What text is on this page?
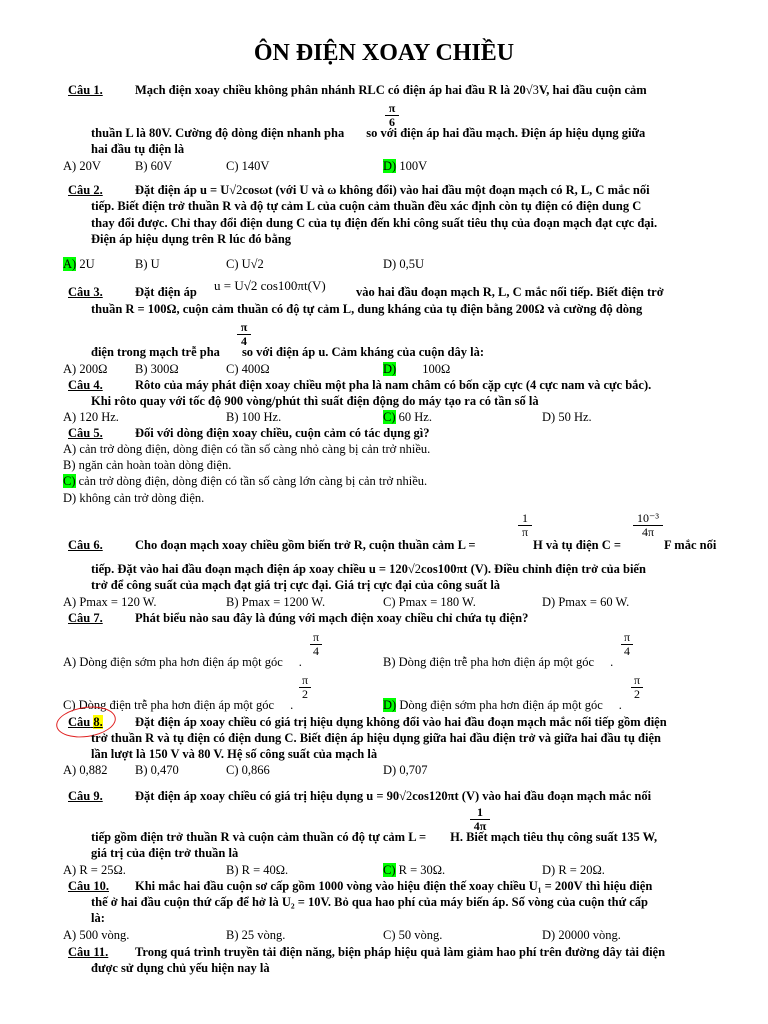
ÔN ĐIỆN XOAY CHIỀU
Câu 1.	Mạch điện xoay chiều không phân nhánh RLC có điện áp hai đầu R là 20√3V, hai đầu cuộn cảm
$\frac{\pi}{6}$
thuần L là 80V. Cường độ dòng điện nhanh pha so với điện áp hai đầu mạch. Điện áp hiệu dụng giữa
hai đầu tụ điện là
A) 20V	B) 60V	C) 140V	D) 100V
Câu 2.	Đặt điện áp u = U√2cosωt (với U và ω không đổi) vào hai đầu một đoạn mạch có R, L, C mắc nối
tiếp. Biết điện trở thuần R và độ tự cảm L của cuộn cảm thuần đều xác định còn tụ điện có điện dung C
thay đổi được. Chỉ thay đổi điện dung C của tụ điện đến khi công suất tiêu thụ của đoạn mạch đạt cực đại.
Điện áp hiệu dụng trên R lúc đó bằng
A) 2U	B) U	C) U√2	D) 0,5U
Câu 3.	Đặt điện áp u = U√2 cos100πt(V) vào hai đầu đoạn mạch R, L, C mắc nối tiếp. Biết điện trở
thuần R = 100Ω, cuộn cảm thuần có độ tự cảm L, dung kháng của tụ điện bằng 200Ω và cường độ dòng
$\frac{\pi}{4}$
điện trong mạch trễ pha so với điện áp u. Cảm kháng của cuộn dây là:
A) 200Ω B) 300Ω	C) 400Ω	D) 100Ω
Câu 4.	Rôto của máy phát điện xoay chiều một pha là nam châm có bốn cặp cực (4 cực nam và cực bắc).
Khi rôto quay với tốc độ 900 vòng/phút thì suất điện động do máy tạo ra có tần số là
A) 120 Hz.	B) 100 Hz.	C) 60 Hz.	D) 50 Hz.
Câu 5.	Đối với dòng điện xoay chiều, cuộn cảm có tác dụng gì?
A) cản trở dòng điện, dòng điện có tần số càng nhỏ càng bị cản trở nhiều.
B) ngăn cản hoàn toàn dòng điện.
C) cản trở dòng điện, dòng điện có tần số càng lớn càng bị cản trở nhiều.
D) không cản trở dòng điện.
$\frac{1}{\pi}$	$\frac{\text{10⁻³}}{4\pi}$
Câu 6.	Cho đoạn mạch xoay chiều gồm biến trở R, cuộn thuần cảm L =	H và tụ điện C =	F mắc nối
tiếp. Đặt vào hai đầu đoạn mạch điện áp xoay chiều u = 120√2cos100πt (V). Điều chỉnh điện trở của biến
trở để công suất của mạch đạt giá trị cực đại. Giá trị cực đại của công suất là
A) Pmax = 120 W.	B) Pmax = 1200 W.	C) Pmax = 180 W.	D) Pmax = 60 W.
Câu 7.	Phát biểu nào sau đây là đúng với mạch điện xoay chiều chỉ chứa tụ điện?
$\frac{\pi}{4}$	$\frac{\pi}{4}$
A) Dòng điện sớm pha hơn điện áp một góc .	B) Dòng điện trễ pha hơn điện áp một góc .
$\frac{\pi}{2}$	$\frac{\pi}{2}$
C) Dòng điện trễ pha hơn điện áp một góc .	D) Dòng điện sớm pha hơn điện áp một góc .
Câu 8.	Đặt điện áp xoay chiều có giá trị hiệu dụng không đổi vào hai đầu đoạn mạch mắc nối tiếp gồm điện
trở thuần R và tụ điện có điện dung C. Biết điện áp hiệu dụng giữa hai đầu điện trở và giữa hai đầu tụ điện
lần lượt là 150 V và 80 V. Hệ số công suất của mạch là
A) 0,882 B) 0,470	C) 0,866	D) 0,707
Câu 9.	Đặt điện áp xoay chiều có giá trị hiệu dụng u = 90√2cos120πt (V) vào hai đầu đoạn mạch mắc nối
$\frac{1}{4\pi}$
tiếp gồm điện trở thuần R và cuộn cảm thuần có độ tự cảm L = H. Biết mạch tiêu thụ công suất 135 W,
giá trị của điện trở thuần là
A) R = 25Ω.	B) R = 40Ω.	C) R = 30Ω.	D) R = 20Ω.
Câu 10. Khi mắc hai đầu cuộn sơ cấp gồm 1000 vòng vào hiệu điện thế xoay chiều U₁ = 200V thì hiệu điện
thế ở hai đầu cuộn thứ cấp để hở là U₂ = 10V. Bỏ qua hao phí của máy biến áp. Số vòng của cuộn thứ cấp
là:
A) 500 vòng.	B) 25 vòng.	C) 50 vòng.	D) 20000 vòng.
Câu 11. Trong quá trình truyền tải điện năng, biện pháp hiệu quả làm giảm hao phí trên đường dây tải điện
được sử dụng chủ yếu hiện nay là
